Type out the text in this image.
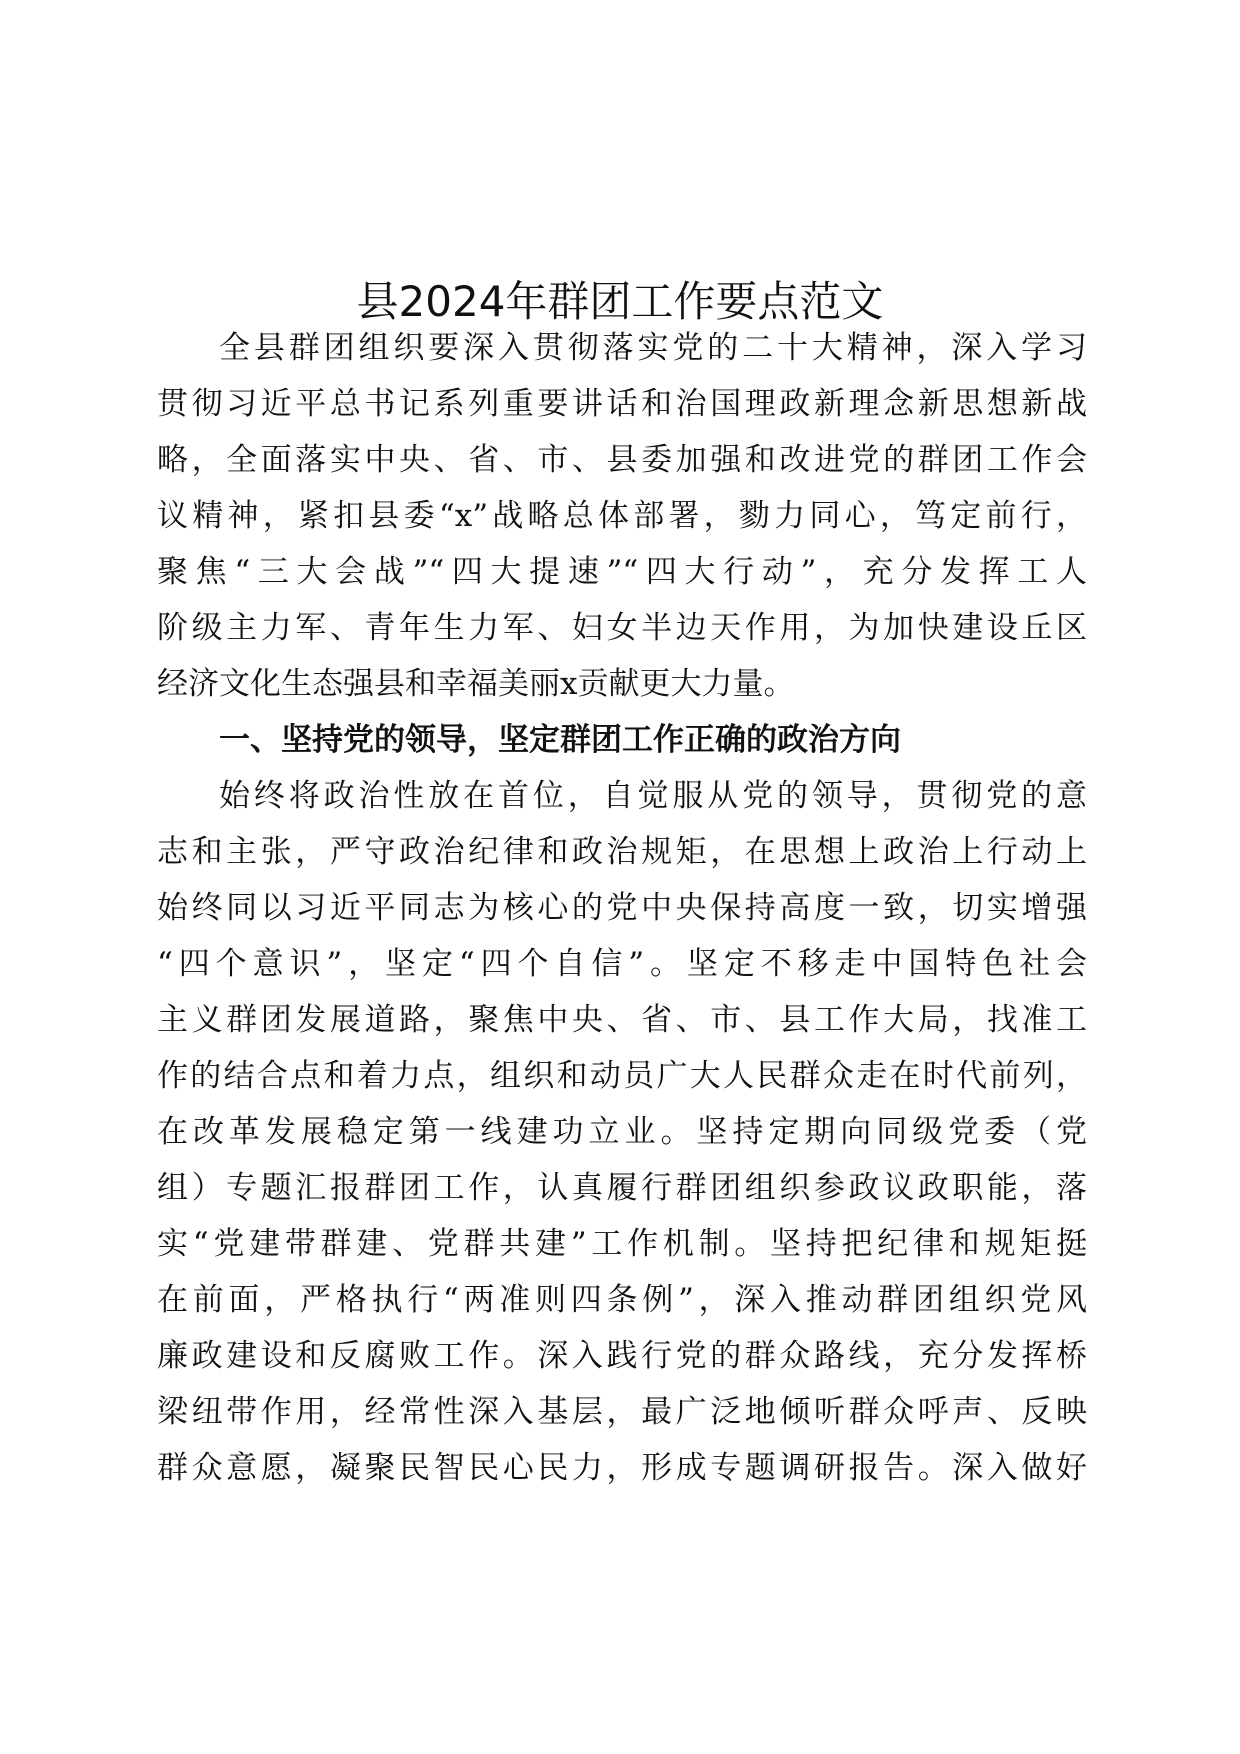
县2024年群团工作要点范文
全县群团组织要深入贯彻落实党的二十大精神，深入学习
贯彻习近平总书记系列重要讲话和治国理政新理念新思想新战
略，全面落实中央、省、市、县委加强和改进党的群团工作会
议精神，紧扣县委“x”战略总体部署，勠力同心，笃定前行，
聚焦“三大会战”“四大提速”“四大行动”，充分发挥工人
阶级主力军、青年生力军、妇女半边天作用，为加快建设丘区
经济文化生态强县和幸福美丽x贡献更大力量。
一、坚持党的领导，坚定群团工作正确的政治方向
始终将政治性放在首位，自觉服从党的领导，贯彻党的意
志和主张，严守政治纪律和政治规矩，在思想上政治上行动上
始终同以习近平同志为核心的党中央保持高度一致，切实增强
“四个意识”，坚定“四个自信”。坚定不移走中国特色社会
主义群团发展道路，聚焦中央、省、市、县工作大局，找准工
作的结合点和着力点，组织和动员广大人民群众走在时代前列，
在改革发展稳定第一线建功立业。坚持定期向同级党委（党
组）专题汇报群团工作，认真履行群团组织参政议政职能，落
实“党建带群建、党群共建”工作机制。坚持把纪律和规矩挺
在前面，严格执行“两准则四条例”，深入推动群团组织党风
廉政建设和反腐败工作。深入践行党的群众路线，充分发挥桥
梁纽带作用，经常性深入基层，最广泛地倾听群众呼声、反映
群众意愿，凝聚民智民心民力，形成专题调研报告。深入做好
